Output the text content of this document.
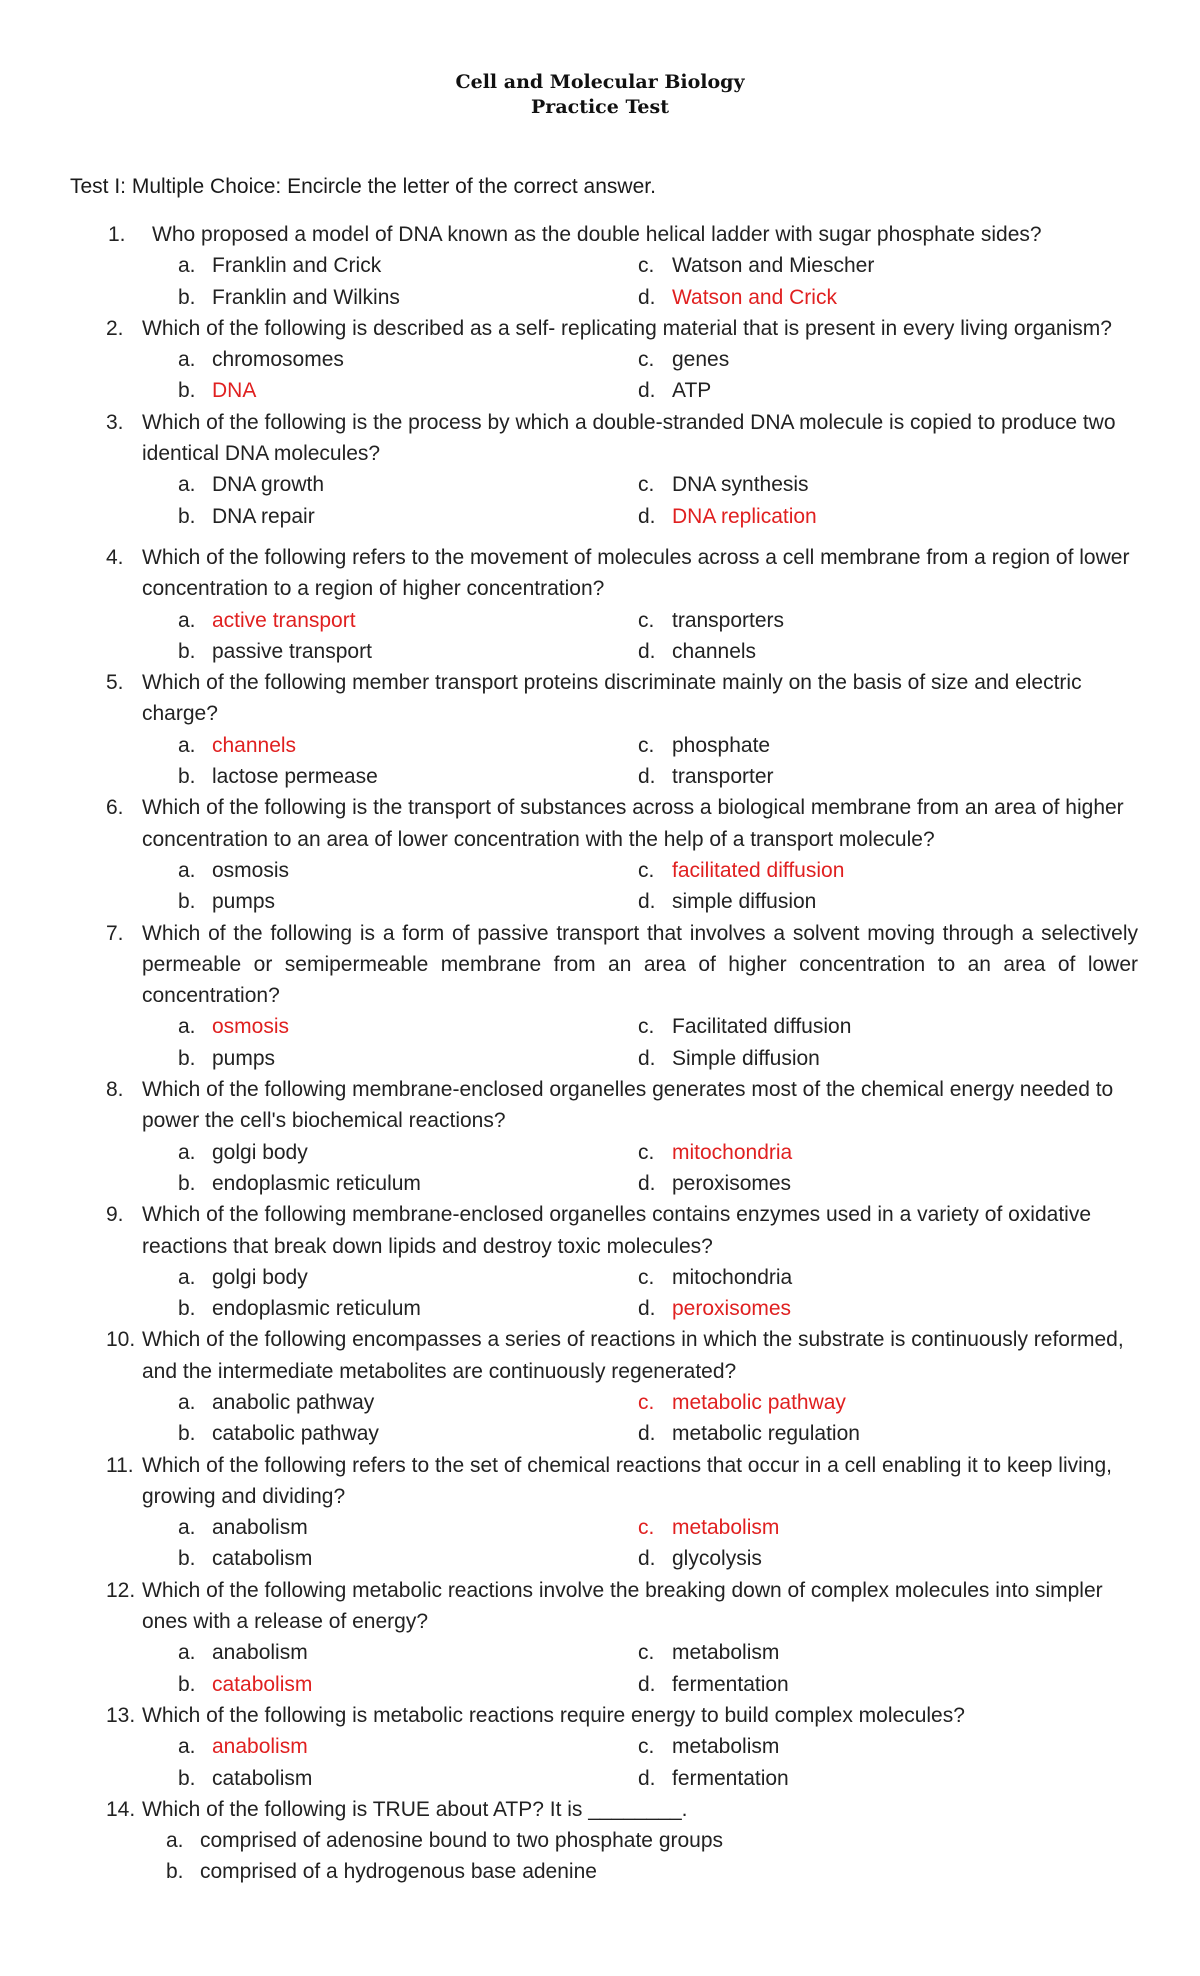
Cell and Molecular Biology
Practice Test
Test I: Multiple Choice: Encircle the letter of the correct answer.
1. Who proposed a model of DNA known as the double helical ladder with sugar phosphate sides?
a. Franklin and Crick	c. Watson and Miescher
b. Franklin and Wilkins	d. Watson and Crick
2. Which of the following is described as a self- replicating material that is present in every living organism?
a. chromosomes	c. genes
b. DNA	d. ATP
3. Which of the following is the process by which a double-stranded DNA molecule is copied to produce two identical DNA molecules?
a. DNA growth	c. DNA synthesis
b. DNA repair	d. DNA replication
4. Which of the following refers to the movement of molecules across a cell membrane from a region of lower concentration to a region of higher concentration?
a. active transport	c. transporters
b. passive transport	d. channels
5. Which of the following member transport proteins discriminate mainly on the basis of size and electric charge?
a. channels	c. phosphate
b. lactose permease	d. transporter
6. Which of the following is the transport of substances across a biological membrane from an area of higher concentration to an area of lower concentration with the help of a transport molecule?
a. osmosis	c. facilitated diffusion
b. pumps	d. simple diffusion
7. Which of the following is a form of passive transport that involves a solvent moving through a selectively permeable or semipermeable membrane from an area of higher concentration to an area of lower concentration?
a. osmosis	c. Facilitated diffusion
b. pumps	d. Simple diffusion
8. Which of the following membrane-enclosed organelles generates most of the chemical energy needed to power the cell's biochemical reactions?
a. golgi body	c. mitochondria
b. endoplasmic reticulum	d. peroxisomes
9. Which of the following membrane-enclosed organelles contains enzymes used in a variety of oxidative reactions that break down lipids and destroy toxic molecules?
a. golgi body	c. mitochondria
b. endoplasmic reticulum	d. peroxisomes
10. Which of the following encompasses a series of reactions in which the substrate is continuously reformed, and the intermediate metabolites are continuously regenerated?
a. anabolic pathway	c. metabolic pathway
b. catabolic pathway	d. metabolic regulation
11. Which of the following refers to the set of chemical reactions that occur in a cell enabling it to keep living, growing and dividing?
a. anabolism	c. metabolism
b. catabolism	d. glycolysis
12. Which of the following metabolic reactions involve the breaking down of complex molecules into simpler ones with a release of energy?
a. anabolism	c. metabolism
b. catabolism	d. fermentation
13. Which of the following is metabolic reactions require energy to build complex molecules?
a. anabolism	c. metabolism
b. catabolism	d. fermentation
14. Which of the following is TRUE about ATP? It is ________.
a. comprised of adenosine bound to two phosphate groups
b. comprised of a hydrogenous base adenine
